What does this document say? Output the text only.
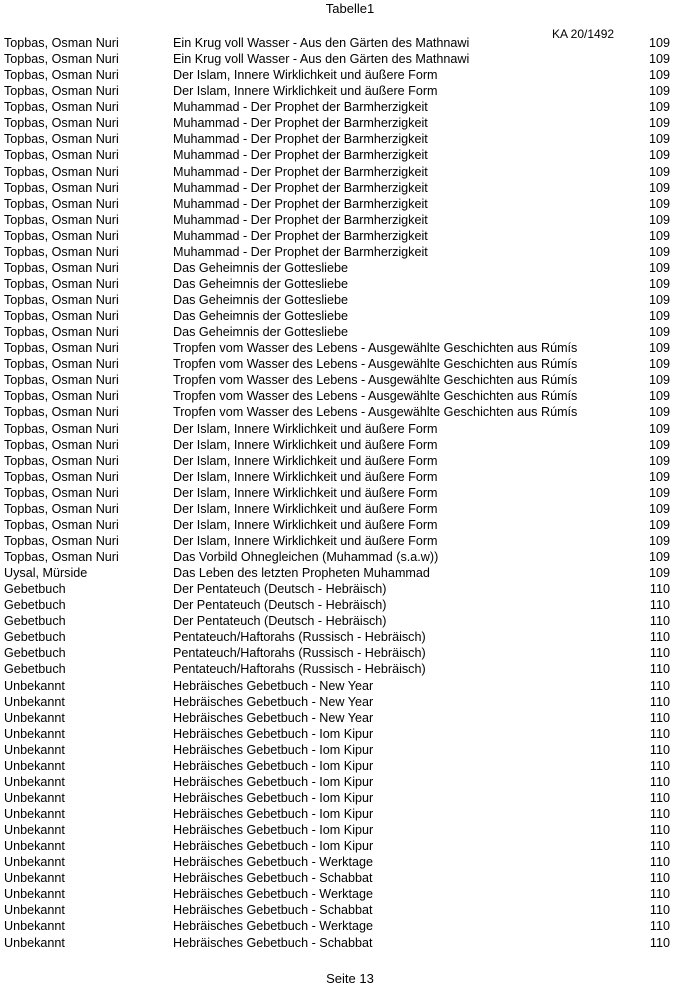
Tabelle1
KA 20/1492
Topbas, Osman Nuri	Ein Krug voll Wasser - Aus den Gärten des Mathnawi	109
Topbas, Osman Nuri	Ein Krug voll Wasser - Aus den Gärten des Mathnawi	109
Topbas, Osman Nuri	Der Islam, Innere Wirklichkeit und äußere Form	109
Topbas, Osman Nuri	Der Islam, Innere Wirklichkeit und äußere Form	109
Topbas, Osman Nuri	Muhammad - Der Prophet der Barmherzigkeit	109
Topbas, Osman Nuri	Muhammad - Der Prophet der Barmherzigkeit	109
Topbas, Osman Nuri	Muhammad - Der Prophet der Barmherzigkeit	109
Topbas, Osman Nuri	Muhammad - Der Prophet der Barmherzigkeit	109
Topbas, Osman Nuri	Muhammad - Der Prophet der Barmherzigkeit	109
Topbas, Osman Nuri	Muhammad - Der Prophet der Barmherzigkeit	109
Topbas, Osman Nuri	Muhammad - Der Prophet der Barmherzigkeit	109
Topbas, Osman Nuri	Muhammad - Der Prophet der Barmherzigkeit	109
Topbas, Osman Nuri	Muhammad - Der Prophet der Barmherzigkeit	109
Topbas, Osman Nuri	Muhammad - Der Prophet der Barmherzigkeit	109
Topbas, Osman Nuri	Das Geheimnis der Gottesliebe	109
Topbas, Osman Nuri	Das Geheimnis der Gottesliebe	109
Topbas, Osman Nuri	Das Geheimnis der Gottesliebe	109
Topbas, Osman Nuri	Das Geheimnis der Gottesliebe	109
Topbas, Osman Nuri	Das Geheimnis der Gottesliebe	109
Topbas, Osman Nuri	Tropfen vom Wasser des Lebens - Ausgewählte Geschichten aus Rúmís	109
Topbas, Osman Nuri	Tropfen vom Wasser des Lebens - Ausgewählte Geschichten aus Rúmís	109
Topbas, Osman Nuri	Tropfen vom Wasser des Lebens - Ausgewählte Geschichten aus Rúmís	109
Topbas, Osman Nuri	Tropfen vom Wasser des Lebens - Ausgewählte Geschichten aus Rúmís	109
Topbas, Osman Nuri	Tropfen vom Wasser des Lebens - Ausgewählte Geschichten aus Rúmís	109
Topbas, Osman Nuri	Der Islam, Innere Wirklichkeit und äußere Form	109
Topbas, Osman Nuri	Der Islam, Innere Wirklichkeit und äußere Form	109
Topbas, Osman Nuri	Der Islam, Innere Wirklichkeit und äußere Form	109
Topbas, Osman Nuri	Der Islam, Innere Wirklichkeit und äußere Form	109
Topbas, Osman Nuri	Der Islam, Innere Wirklichkeit und äußere Form	109
Topbas, Osman Nuri	Der Islam, Innere Wirklichkeit und äußere Form	109
Topbas, Osman Nuri	Der Islam, Innere Wirklichkeit und äußere Form	109
Topbas, Osman Nuri	Der Islam, Innere Wirklichkeit und äußere Form	109
Topbas, Osman Nuri	Das Vorbild Ohnegleichen (Muhammad (s.a.w))	109
Uysal, Mürside	Das Leben des letzten Propheten Muhammad	109
Gebetbuch	Der Pentateuch (Deutsch - Hebräisch)	110
Gebetbuch	Der Pentateuch (Deutsch - Hebräisch)	110
Gebetbuch	Der Pentateuch (Deutsch - Hebräisch)	110
Gebetbuch	Pentateuch/Haftorahs (Russisch - Hebräisch)	110
Gebetbuch	Pentateuch/Haftorahs (Russisch - Hebräisch)	110
Gebetbuch	Pentateuch/Haftorahs (Russisch - Hebräisch)	110
Unbekannt	Hebräisches Gebetbuch - New Year	110
Unbekannt	Hebräisches Gebetbuch - New Year	110
Unbekannt	Hebräisches Gebetbuch - New Year	110
Unbekannt	Hebräisches Gebetbuch - Iom Kipur	110
Unbekannt	Hebräisches Gebetbuch - Iom Kipur	110
Unbekannt	Hebräisches Gebetbuch - Iom Kipur	110
Unbekannt	Hebräisches Gebetbuch - Iom Kipur	110
Unbekannt	Hebräisches Gebetbuch - Iom Kipur	110
Unbekannt	Hebräisches Gebetbuch - Iom Kipur	110
Unbekannt	Hebräisches Gebetbuch - Iom Kipur	110
Unbekannt	Hebräisches Gebetbuch - Iom Kipur	110
Unbekannt	Hebräisches Gebetbuch - Werktage	110
Unbekannt	Hebräisches Gebetbuch - Schabbat	110
Unbekannt	Hebräisches Gebetbuch - Werktage	110
Unbekannt	Hebräisches Gebetbuch - Schabbat	110
Unbekannt	Hebräisches Gebetbuch - Werktage	110
Unbekannt	Hebräisches Gebetbuch - Schabbat	110
Seite 13
